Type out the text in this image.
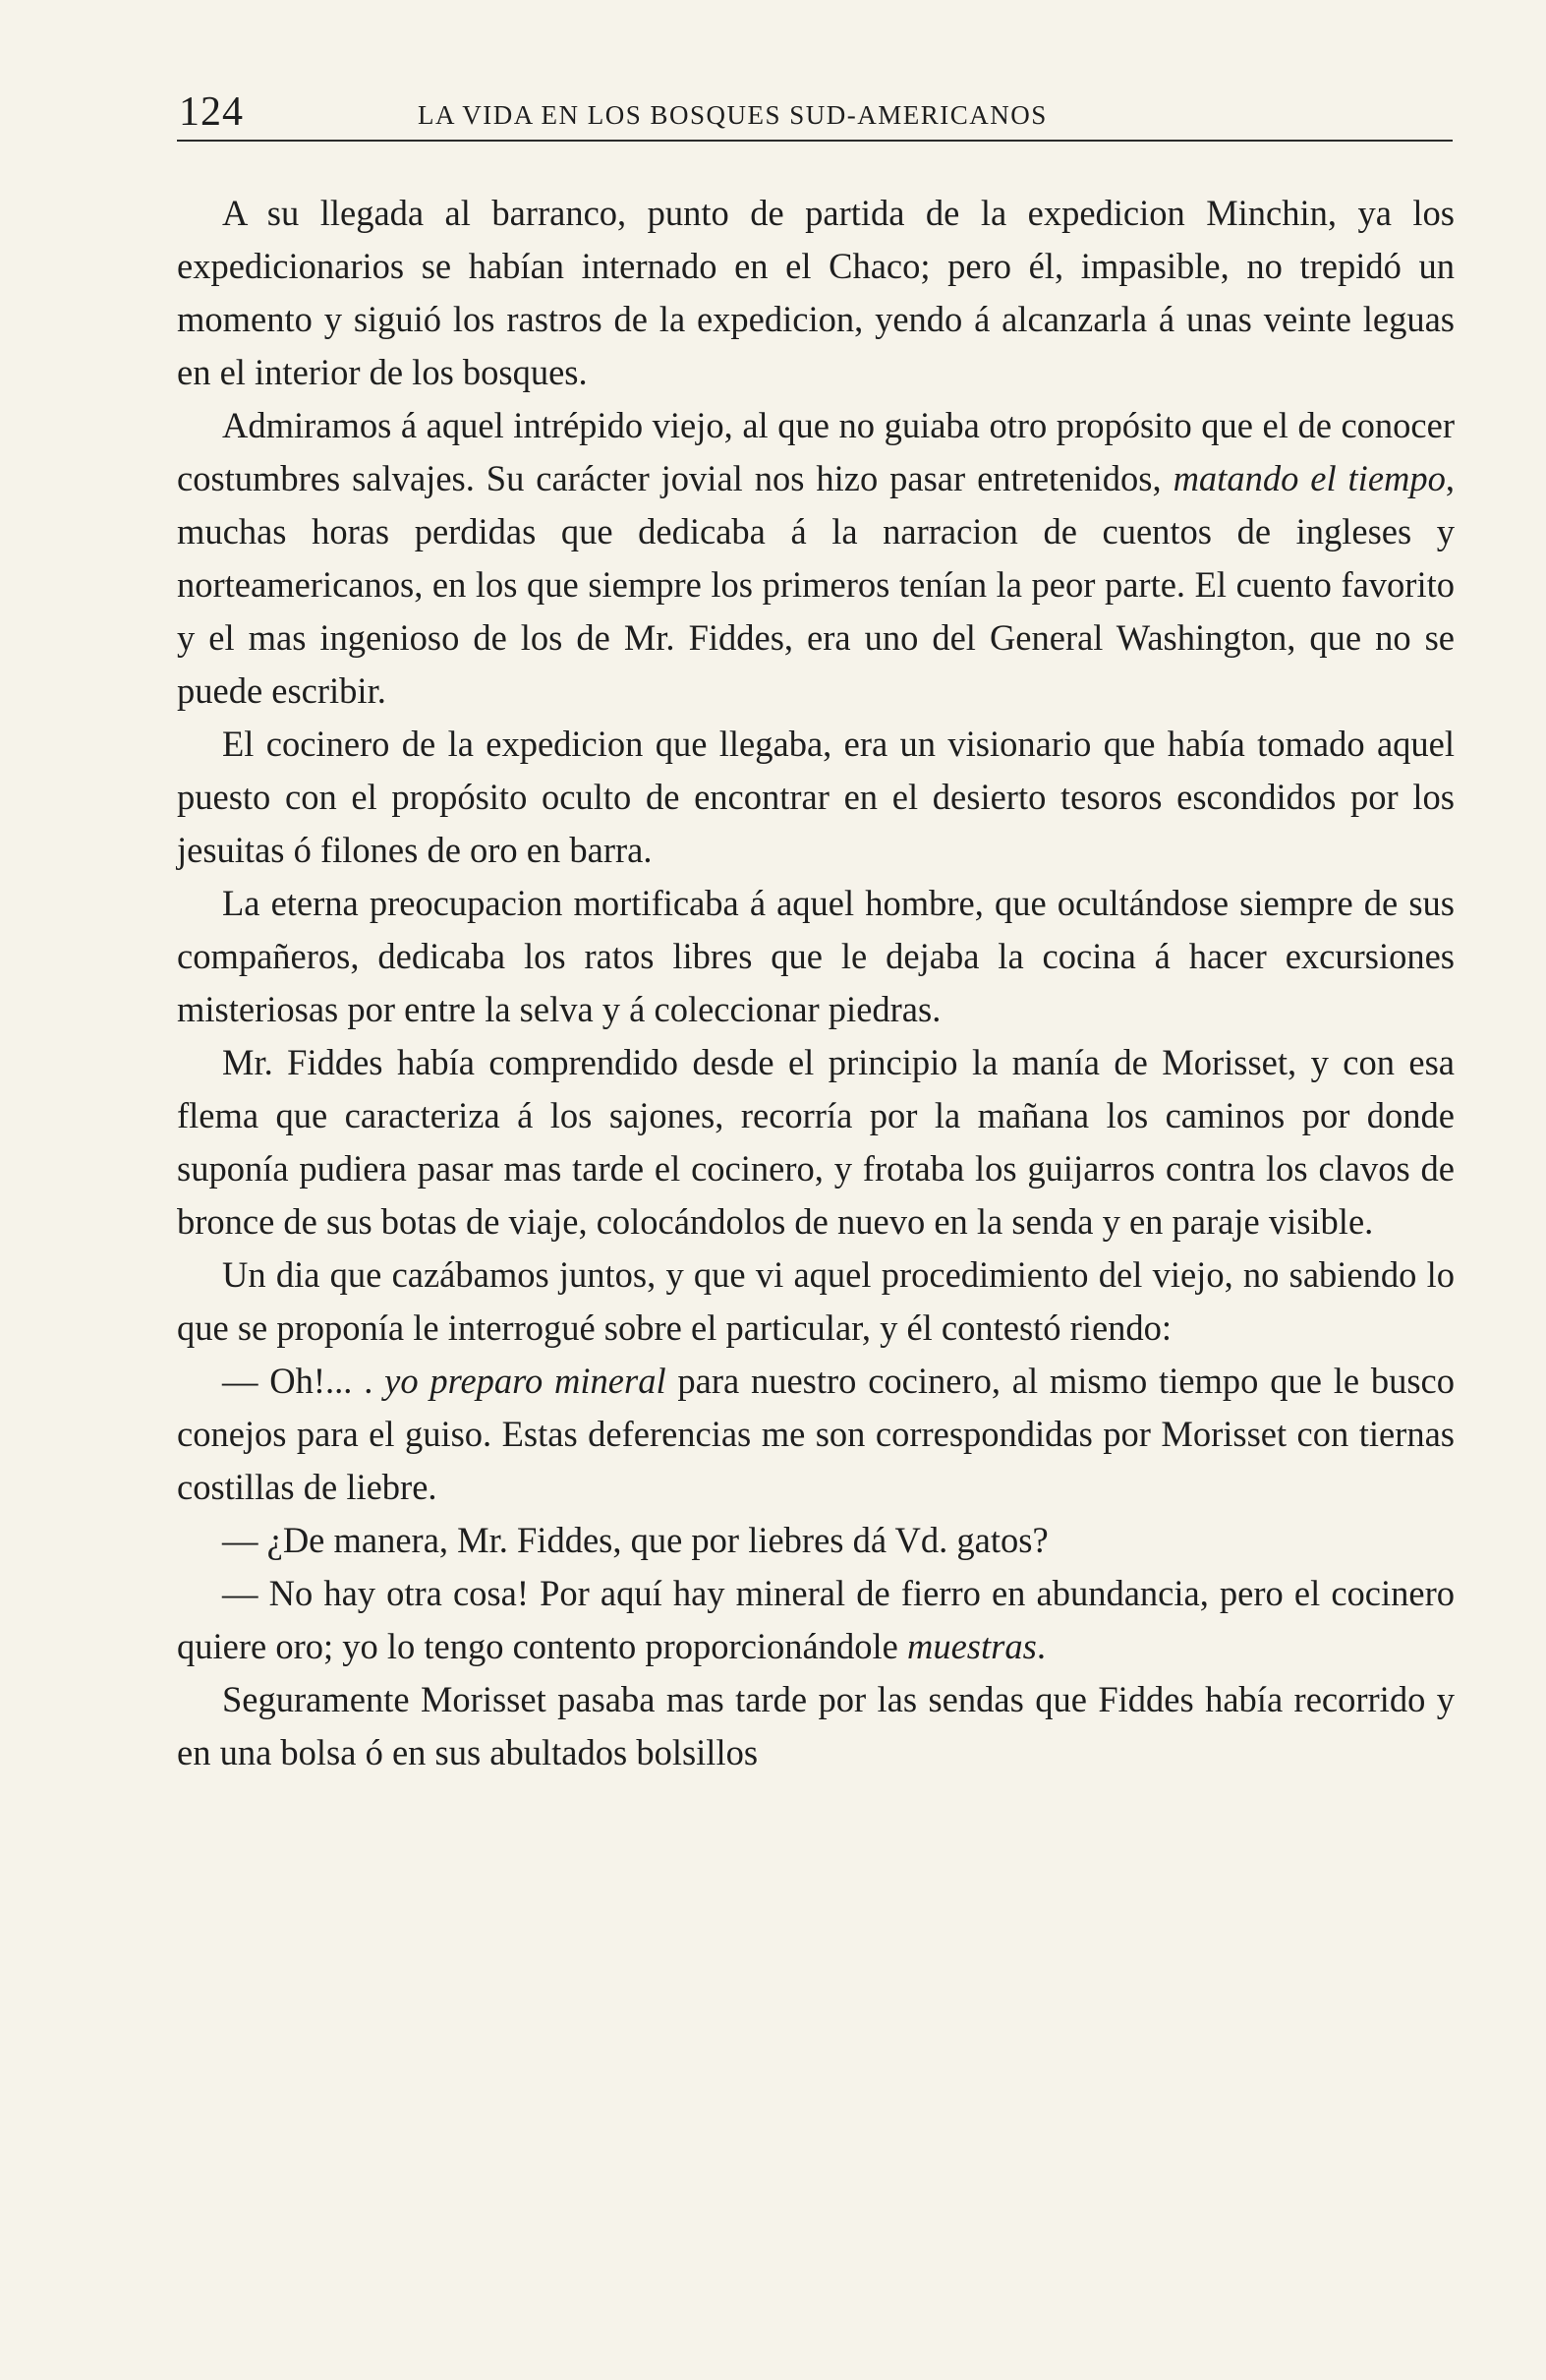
124	LA VIDA EN LOS BOSQUES SUD-AMERICANOS

A su llegada al barranco, punto de partida de la expedicion Minchin, ya los expedicionarios se habían internado en el Chaco; pero él, impasible, no trepidó un momento y siguió los rastros de la expedicion, yendo á alcanzarla á unas veinte leguas en el interior de los bosques.

Admiramos á aquel intrépido viejo, al que no guiaba otro propósito que el de conocer costumbres salvajes. Su carácter jovial nos hizo pasar entretenidos, matando el tiempo, muchas horas perdidas que dedicaba á la narracion de cuentos de ingleses y norteamericanos, en los que siempre los primeros tenían la peor parte. El cuento favorito y el mas ingenioso de los de Mr. Fiddes, era uno del General Washington, que no se puede escribir.

El cocinero de la expedicion que llegaba, era un visionario que había tomado aquel puesto con el propósito oculto de encontrar en el desierto tesoros escondidos por los jesuitas ó filones de oro en barra.

La eterna preocupacion mortificaba á aquel hombre, que ocultándose siempre de sus compañeros, dedicaba los ratos libres que le dejaba la cocina á hacer excursiones misteriosas por entre la selva y á coleccionar piedras.

Mr. Fiddes había comprendido desde el principio la manía de Morisset, y con esa flema que caracteriza á los sajones, recorría por la mañana los caminos por donde suponía pudiera pasar mas tarde el cocinero, y frotaba los guijarros contra los clavos de bronce de sus botas de viaje, colocándolos de nuevo en la senda y en paraje visible.

Un dia que cazábamos juntos, y que vi aquel procedimiento del viejo, no sabiendo lo que se proponía le interrogué sobre el particular, y él contestó riendo:

— Oh!... . yo preparo mineral para nuestro cocinero, al mismo tiempo que le busco conejos para el guiso. Estas deferencias me son correspondidas por Morisset con tiernas costillas de liebre.

— ¿De manera, Mr. Fiddes, que por liebres dá Vd. gatos?

— No hay otra cosa! Por aquí hay mineral de fierro en abundancia, pero el cocinero quiere oro; yo lo tengo contento proporcionándole muestras.

Seguramente Morisset pasaba mas tarde por las sendas que Fiddes había recorrido y en una bolsa ó en sus abultados bolsillos
